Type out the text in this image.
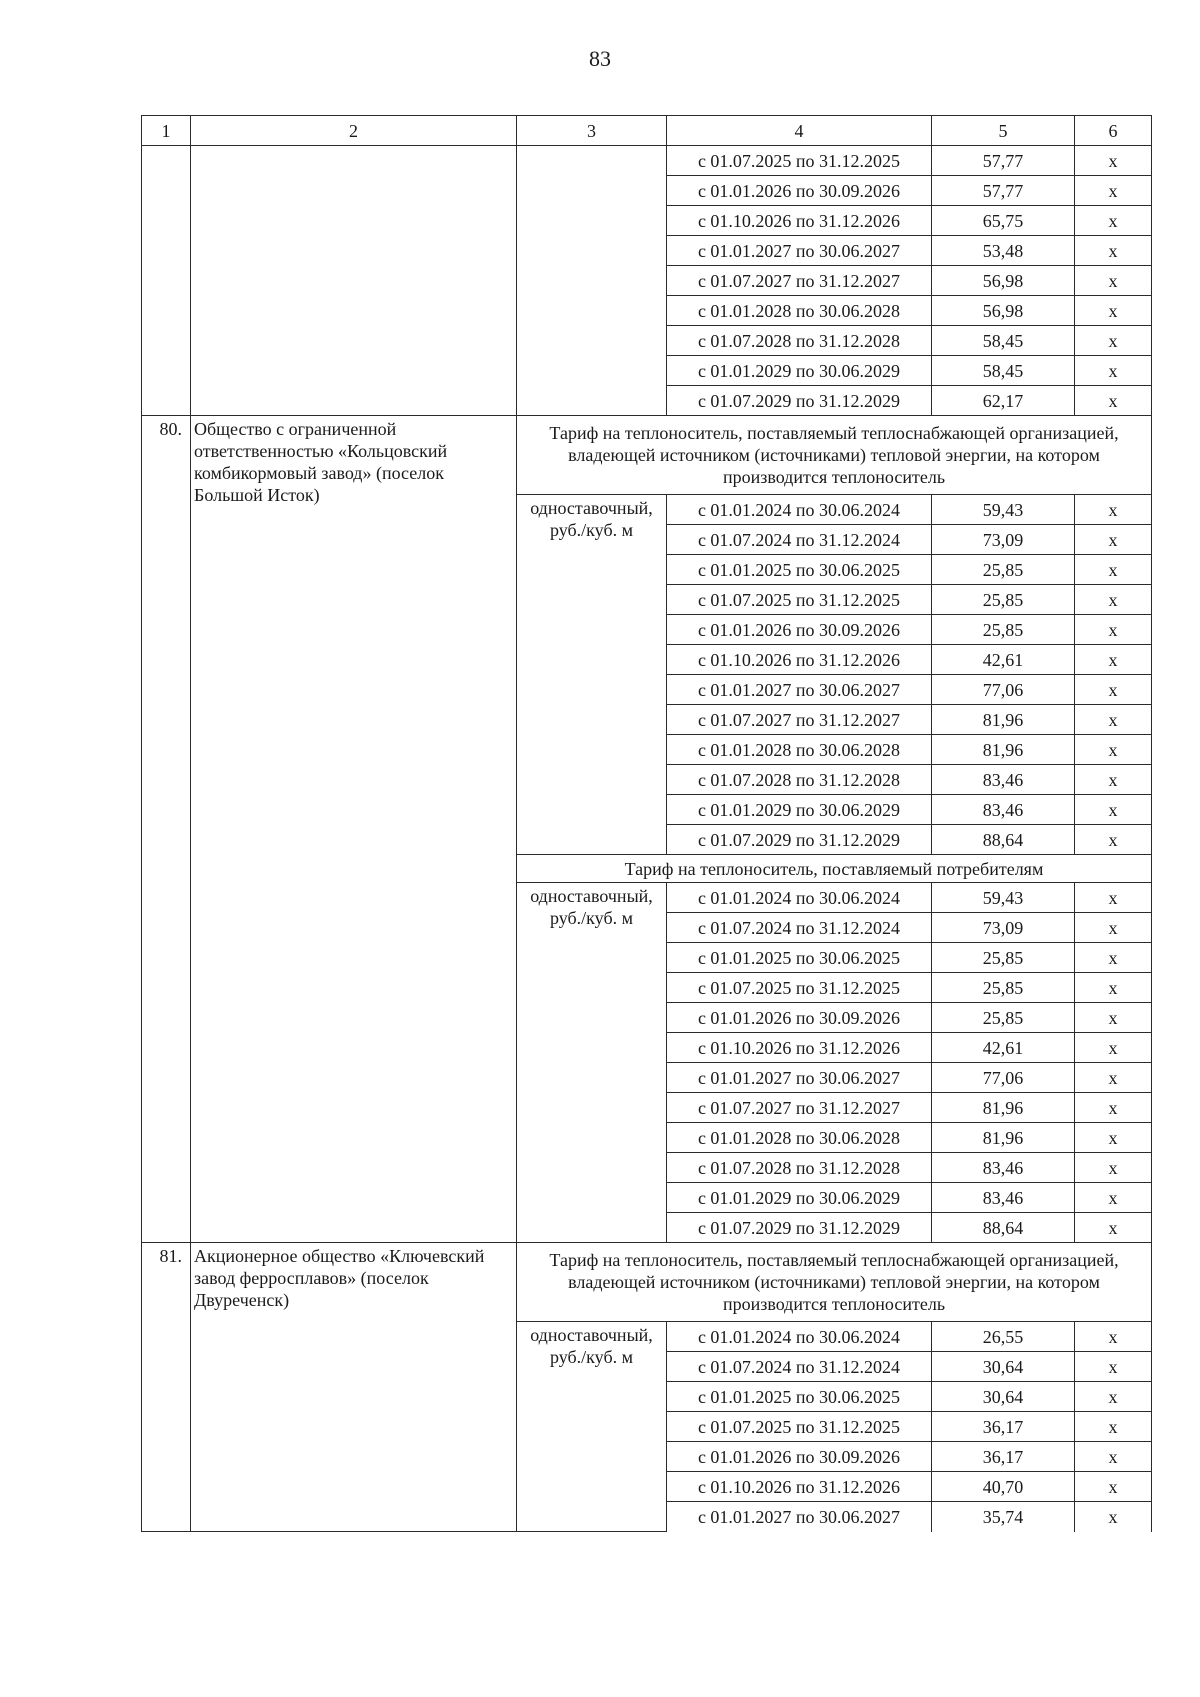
83
1	2	3	4	5	6
			с 01.07.2025 по 31.12.2025	57,77	x
			с 01.01.2026 по 30.09.2026	57,77	x
			с 01.10.2026 по 31.12.2026	65,75	x
			с 01.01.2027 по 30.06.2027	53,48	x
			с 01.07.2027 по 31.12.2027	56,98	x
			с 01.01.2028 по 30.06.2028	56,98	x
			с 01.07.2028 по 31.12.2028	58,45	x
			с 01.01.2029 по 30.06.2029	58,45	x
			с 01.07.2029 по 31.12.2029	62,17	x
80.	Общество с ограниченной ответственностью «Кольцовский комбикормовый завод» (поселок Большой Исток)	Тариф на теплоноситель, поставляемый теплоснабжающей организацией, владеющей источником (источниками) тепловой энергии, на котором производится теплоноситель			
		одноставочный, руб./куб. м	с 01.01.2024 по 30.06.2024	59,43	x
			с 01.07.2024 по 31.12.2024	73,09	x
			с 01.01.2025 по 30.06.2025	25,85	x
			с 01.07.2025 по 31.12.2025	25,85	x
			с 01.01.2026 по 30.09.2026	25,85	x
			с 01.10.2026 по 31.12.2026	42,61	x
			с 01.01.2027 по 30.06.2027	77,06	x
			с 01.07.2027 по 31.12.2027	81,96	x
			с 01.01.2028 по 30.06.2028	81,96	x
			с 01.07.2028 по 31.12.2028	83,46	x
			с 01.01.2029 по 30.06.2029	83,46	x
			с 01.07.2029 по 31.12.2029	88,64	x
		Тариф на теплоноситель, поставляемый потребителям			
		одноставочный, руб./куб. м	с 01.01.2024 по 30.06.2024	59,43	x
			с 01.07.2024 по 31.12.2024	73,09	x
			с 01.01.2025 по 30.06.2025	25,85	x
			с 01.07.2025 по 31.12.2025	25,85	x
			с 01.01.2026 по 30.09.2026	25,85	x
			с 01.10.2026 по 31.12.2026	42,61	x
			с 01.01.2027 по 30.06.2027	77,06	x
			с 01.07.2027 по 31.12.2027	81,96	x
			с 01.01.2028 по 30.06.2028	81,96	x
			с 01.07.2028 по 31.12.2028	83,46	x
			с 01.01.2029 по 30.06.2029	83,46	x
			с 01.07.2029 по 31.12.2029	88,64	x
81.	Акционерное общество «Ключевский завод ферросплавов» (поселок Двуреченск)	Тариф на теплоноситель, поставляемый теплоснабжающей организацией, владеющей источником (источниками) тепловой энергии, на котором производится теплоноситель			
		одноставочный, руб./куб. м	с 01.01.2024 по 30.06.2024	26,55	x
			с 01.07.2024 по 31.12.2024	30,64	x
			с 01.01.2025 по 30.06.2025	30,64	x
			с 01.07.2025 по 31.12.2025	36,17	x
			с 01.01.2026 по 30.09.2026	36,17	x
			с 01.10.2026 по 31.12.2026	40,70	x
			с 01.01.2027 по 30.06.2027	35,74	x
